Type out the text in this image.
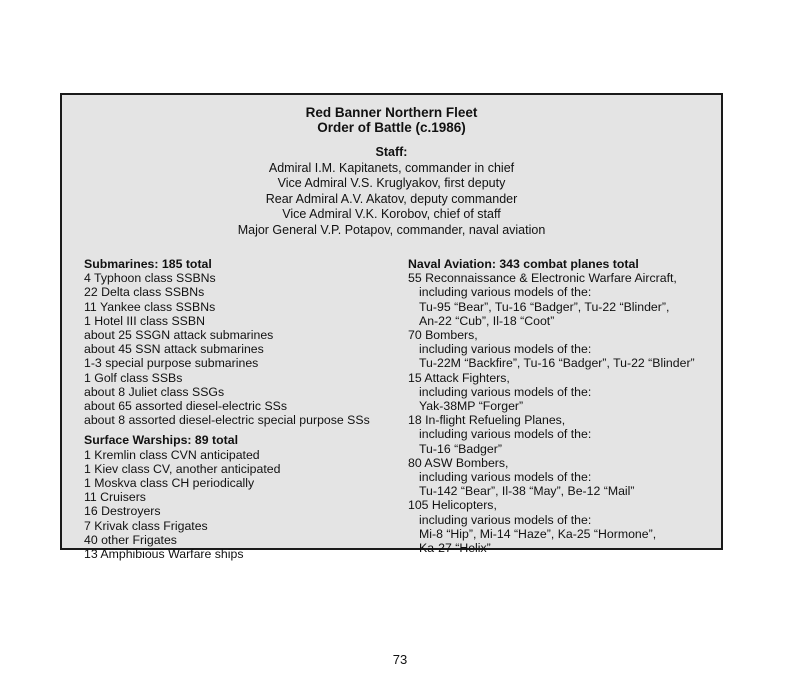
Red Banner Northern Fleet
Order of Battle (c.1986)
Staff:
Admiral I.M. Kapitanets, commander in chief
Vice Admiral V.S. Kruglyakov, first deputy
Rear Admiral A.V. Akatov, deputy commander
Vice Admiral V.K. Korobov, chief of staff
Major General V.P. Potapov, commander, naval aviation
Submarines: 185 total
4 Typhoon class SSBNs
22 Delta class SSBNs
11 Yankee class SSBNs
1 Hotel III class SSBN
about 25 SSGN attack submarines
about 45 SSN attack submarines
1-3 special purpose submarines
1 Golf class SSBs
about 8 Juliet class SSGs
about 65 assorted diesel-electric SSs
about 8 assorted diesel-electric special purpose SSs
Surface Warships: 89 total
1 Kremlin class CVN anticipated
1 Kiev class CV, another anticipated
1 Moskva class CH periodically
11 Cruisers
16 Destroyers
7 Krivak class Frigates
40 other Frigates
13 Amphibious Warfare ships
Naval Aviation: 343 combat planes total
55 Reconnaissance & Electronic Warfare Aircraft,
including various models of the:
Tu-95 “Bear”, Tu-16 “Badger”, Tu-22 “Blinder”,
An-22 “Cub”, Il-18 “Coot”
70 Bombers,
including various models of the:
Tu-22M “Backfire”, Tu-16 “Badger”, Tu-22 “Blinder”
15 Attack Fighters,
including various models of the:
Yak-38MP “Forger”
18 In-flight Refueling Planes,
including various models of the:
Tu-16 “Badger”
80 ASW Bombers,
including various models of the:
Tu-142 “Bear”, Il-38 “May”, Be-12 “Mail”
105 Helicopters,
including various models of the:
Mi-8 “Hip”, Mi-14 “Haze”, Ka-25 “Hormone”,
Ka-27 “Helix”
73
